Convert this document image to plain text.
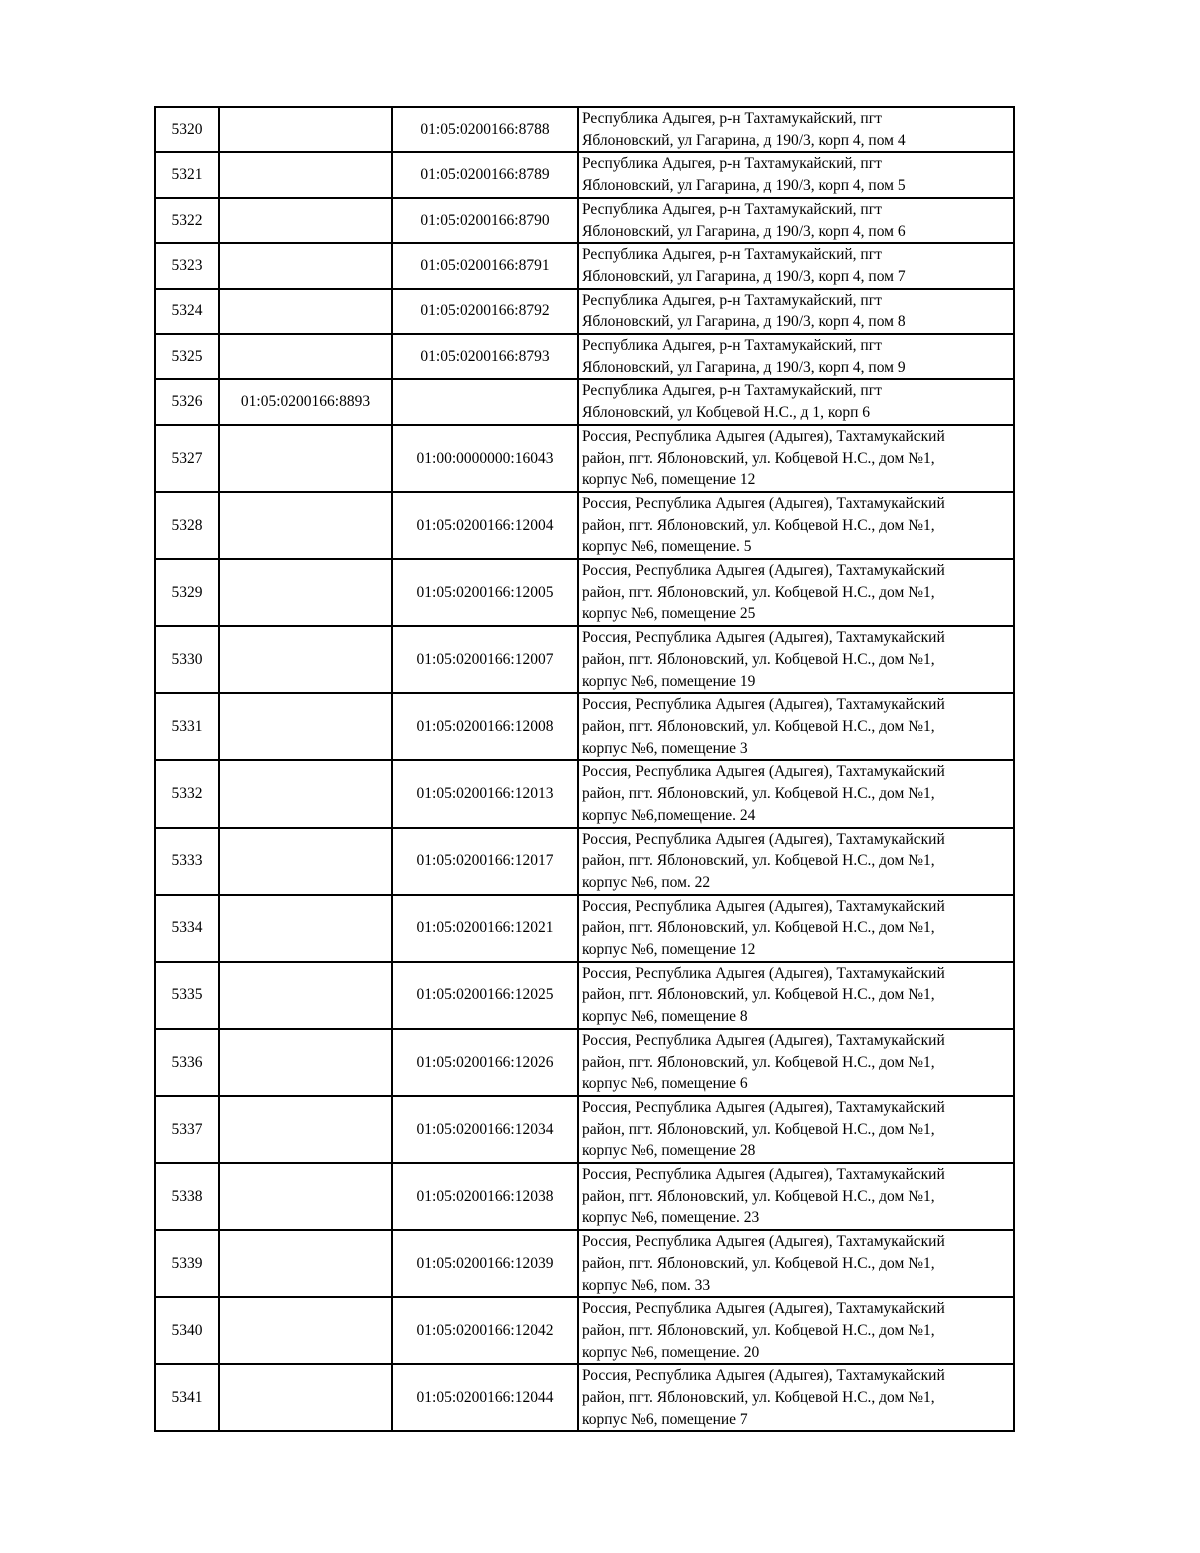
5320		01:05:0200166:8788	Республика Адыгея, р-н Тахтамукайский, пгт
Яблоновский, ул Гагарина, д 190/3, корп 4, пом 4

5321		01:05:0200166:8789	Республика Адыгея, р-н Тахтамукайский, пгт
Яблоновский, ул Гагарина, д 190/3, корп 4, пом 5

5322		01:05:0200166:8790	Республика Адыгея, р-н Тахтамукайский, пгт
Яблоновский, ул Гагарина, д 190/3, корп 4, пом 6

5323		01:05:0200166:8791	Республика Адыгея, р-н Тахтамукайский, пгт
Яблоновский, ул Гагарина, д 190/3, корп 4, пом 7

5324		01:05:0200166:8792	Республика Адыгея, р-н Тахтамукайский, пгт
Яблоновский, ул Гагарина, д 190/3, корп 4, пом 8

5325		01:05:0200166:8793	Республика Адыгея, р-н Тахтамукайский, пгт
Яблоновский, ул Гагарина, д 190/3, корп 4, пом 9

5326	01:05:0200166:8893		Республика Адыгея, р-н Тахтамукайский, пгт
Яблоновский, ул Кобцевой Н.С., д 1, корп 6

5327		01:00:0000000:16043	Россия, Республика Адыгея (Адыгея), Тахтамукайский
район, пгт. Яблоновский, ул. Кобцевой Н.С., дом №1,
корпус №6, помещение 12

5328		01:05:0200166:12004	Россия, Республика Адыгея (Адыгея), Тахтамукайский
район, пгт. Яблоновский, ул. Кобцевой Н.С., дом №1,
корпус №6, помещение. 5

5329		01:05:0200166:12005	Россия, Республика Адыгея (Адыгея), Тахтамукайский
район, пгт. Яблоновский, ул. Кобцевой Н.С., дом №1,
корпус №6, помещение 25

5330		01:05:0200166:12007	Россия, Республика Адыгея (Адыгея), Тахтамукайский
район, пгт. Яблоновский, ул. Кобцевой Н.С., дом №1,
корпус №6, помещение 19

5331		01:05:0200166:12008	Россия, Республика Адыгея (Адыгея), Тахтамукайский
район, пгт. Яблоновский, ул. Кобцевой Н.С., дом №1,
корпус №6, помещение 3

5332		01:05:0200166:12013	Россия, Республика Адыгея (Адыгея), Тахтамукайский
район, пгт. Яблоновский, ул. Кобцевой Н.С., дом №1,
корпус №6,помещение. 24

5333		01:05:0200166:12017	Россия, Республика Адыгея (Адыгея), Тахтамукайский
район, пгт. Яблоновский, ул. Кобцевой Н.С., дом №1,
корпус №6, пом. 22

5334		01:05:0200166:12021	Россия, Республика Адыгея (Адыгея), Тахтамукайский
район, пгт. Яблоновский, ул. Кобцевой Н.С., дом №1,
корпус №6, помещение 12

5335		01:05:0200166:12025	Россия, Республика Адыгея (Адыгея), Тахтамукайский
район, пгт. Яблоновский, ул. Кобцевой Н.С., дом №1,
корпус №6, помещение 8

5336		01:05:0200166:12026	Россия, Республика Адыгея (Адыгея), Тахтамукайский
район, пгт. Яблоновский, ул. Кобцевой Н.С., дом №1,
корпус №6, помещение 6

5337		01:05:0200166:12034	Россия, Республика Адыгея (Адыгея), Тахтамукайский
район, пгт. Яблоновский, ул. Кобцевой Н.С., дом №1,
корпус №6, помещение 28

5338		01:05:0200166:12038	Россия, Республика Адыгея (Адыгея), Тахтамукайский
район, пгт. Яблоновский, ул. Кобцевой Н.С., дом №1,
корпус №6, помещение. 23

5339		01:05:0200166:12039	Россия, Республика Адыгея (Адыгея), Тахтамукайский
район, пгт. Яблоновский, ул. Кобцевой Н.С., дом №1,
корпус №6, пом. 33

5340		01:05:0200166:12042	Россия, Республика Адыгея (Адыгея), Тахтамукайский
район, пгт. Яблоновский, ул. Кобцевой Н.С., дом №1,
корпус №6, помещение. 20

5341		01:05:0200166:12044	Россия, Республика Адыгея (Адыгея), Тахтамукайский
район, пгт. Яблоновский, ул. Кобцевой Н.С., дом №1,
корпус №6, помещение 7
